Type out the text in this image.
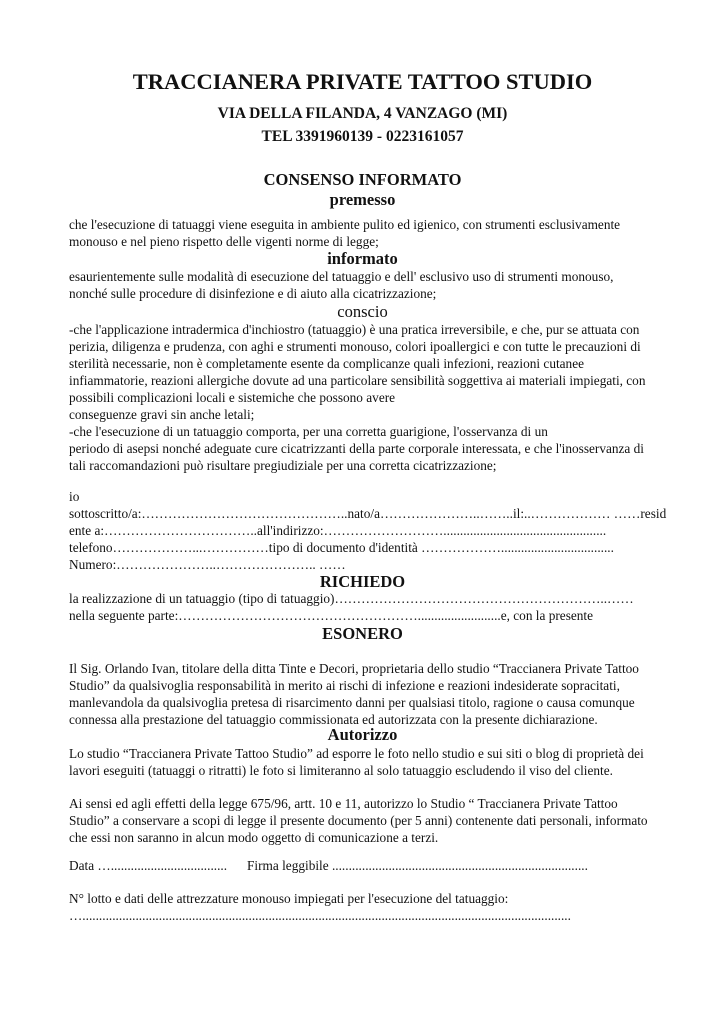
TRACCIANERA PRIVATE TATTOO STUDIO

VIA DELLA FILANDA, 4 VANZAGO (MI)

TEL 3391960139 - 0223161057

CONSENSO INFORMATO

premesso

che l'esecuzione di tatuaggi viene eseguita in ambiente pulito ed igienico, con strumenti esclusivamente

monouso e nel pieno rispetto delle vigenti norme di legge;

informato

esaurientemente sulle modalità di esecuzione del tatuaggio e dell' esclusivo uso di strumenti monouso,

nonché sulle procedure di disinfezione e di aiuto alla cicatrizzazione;

conscio

-che l'applicazione intradermica d'inchiostro (tatuaggio) è una pratica irreversibile, e che, pur se attuata con

perizia, diligenza e prudenza, con aghi e strumenti monouso, colori ipoallergici e con tutte le precauzioni di

sterilità necessarie, non è completamente esente da complicanze quali infezioni, reazioni cutanee

infiammatorie, reazioni allergiche dovute ad una particolare sensibilità soggettiva ai materiali impiegati, con

possibili complicazioni locali e sistemiche che possono avere

conseguenze gravi sin anche letali;

-che l'esecuzione di un tatuaggio comporta, per una corretta guarigione, l'osservanza di un

periodo di asepsi nonché adeguate cure cicatrizzanti della parte corporale interessata, e che l'inosservanza di

tali raccomandazioni può risultare pregiudiziale per una corretta cicatrizzazione;

io

sottoscritto/a:………………………………………..nato/a…………………..……..il:..……………… ……resid

ente a:……………………………..all'indirizzo:……………………….................................................

telefono………………...……………tipo di documento d'identità ………………..................................

Numero:…………………..………………….. ……

RICHIEDO

la realizzazione di un tatuaggio (tipo di tatuaggio)……………………………………………………..……

nella seguente parte:……………………………………………….........................e, con la presente

ESONERO

Il Sig. Orlando Ivan, titolare della ditta Tinte e Decori, proprietaria dello studio “Traccianera Private Tattoo

Studio” da qualsivoglia responsabilità in merito ai rischi di infezione e reazioni indesiderate sopracitati,

manlevandola da qualsivoglia pretesa di risarcimento danni per qualsiasi titolo, ragione o causa comunque

connessa alla prestazione del tatuaggio commissionata ed autorizzata con la presente dichiarazione.

Autorizzo

Lo studio “Traccianera Private Tattoo Studio” ad esporre le foto nello studio e sui siti o blog di proprietà dei

lavori eseguiti (tatuaggi o ritratti) le foto si limiteranno al solo tatuaggio escludendo il viso del cliente.

Ai sensi ed agli effetti della legge 675/96, artt. 10 e 11, autorizzo lo Studio “ Traccianera Private Tattoo

Studio” a conservare a scopi di legge il presente documento (per 5 anni) contenente dati personali, informato

che essi non saranno in alcun modo oggetto di comunicazione a terzi.

Data …...................................      Firma leggibile .............................................................................

N° lotto e dati delle attrezzature monouso impiegati per l'esecuzione del tatuaggio:

…...................................................................................................................................................
